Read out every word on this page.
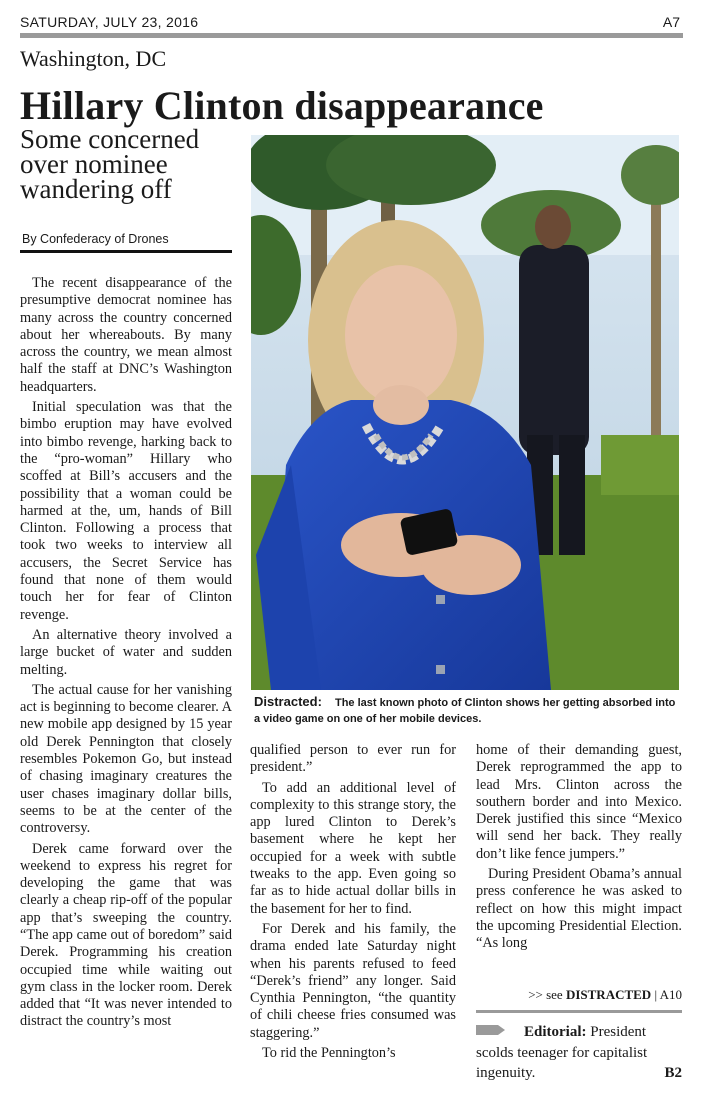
SATURDAY, JULY 23, 2016	A7
Washington, DC
Hillary Clinton disappearance
Some concerned over nominee wandering off
By Confederacy of Drones
Distracted: The last known photo of Clinton shows her getting absorbed into a video game on one of her mobile devices.

The recent disappearance of the presumptive democrat nominee has many across the country concerned about her whereabouts. By many across the country, we mean almost half the staff at DNC’s Washington headquarters.

Initial speculation was that the bimbo eruption may have evolved into bimbo revenge, harking back to the “pro-woman” Hillary who scoffed at Bill’s accusers and the possibility that a woman could be harmed at the, um, hands of Bill Clinton. Following a process that took two weeks to interview all accusers, the Secret Service has found that none of them would touch her for fear of Clinton revenge.

An alternative theory involved a large bucket of water and sudden melting.

The actual cause for her vanishing act is beginning to become clearer. A new mobile app designed by 15 year old Derek Pennington that closely resembles Pokemon Go, but instead of chasing imaginary creatures the user chases imaginary dollar bills, seems to be at the center of the controversy.

Derek came forward over the weekend to express his regret for developing the game that was clearly a cheap rip-off of the popular app that’s sweeping the country. “The app came out of boredom” said Derek. Programming his creation occupied time while waiting out gym class in the locker room. Derek added that “It was never intended to distract the country’s most

qualified person to ever run for president.”

To add an additional level of complexity to this strange story, the app lured Clinton to Derek’s basement where he kept her occupied for a week with subtle tweaks to the app. Even going so far as to hide actual dollar bills in the basement for her to find.

For Derek and his family, the drama ended late Saturday night when his parents refused to feed “Derek’s friend” any longer. Said Cynthia Pennington, “the quantity of chili cheese fries consumed was staggering.”

To rid the Pennington’s

home of their demanding guest, Derek reprogrammed the app to lead Mrs. Clinton across the southern border and into Mexico. Derek justified this since “Mexico will send her back. They really don’t like fence jumpers.”

During President Obama’s annual press conference he was asked to reflect on how this might impact the upcoming Presidential Election. “As long

>> see DISTRACTED | A10
Editorial: President scolds teenager for capitalist ingenuity.	B2
